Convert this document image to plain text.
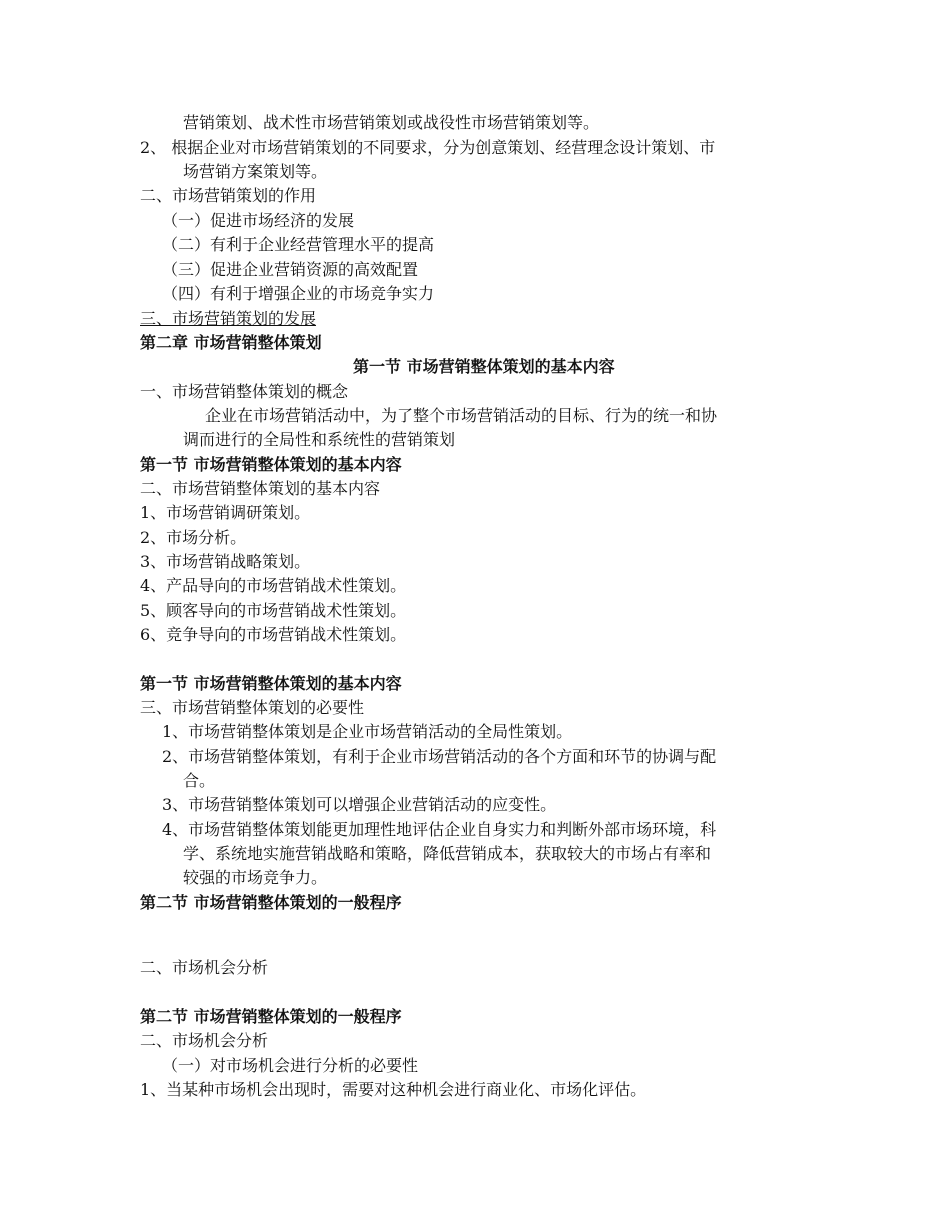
营销策划、战术性市场营销策划或战役性市场营销策划等。
2、 根据企业对市场营销策划的不同要求，分为创意策划、经营理念设计策划、市
场营销方案策划等。
二、市场营销策划的作用
（一）促进市场经济的发展
（二）有利于企业经营管理水平的提高
（三）促进企业营销资源的高效配置
（四）有利于增强企业的市场竞争实力
三、市场营销策划的发展
第二章 市场营销整体策划
第一节 市场营销整体策划的基本内容
一、市场营销整体策划的概念
企业在市场营销活动中，为了整个市场营销活动的目标、行为的统一和协
调而进行的全局性和系统性的营销策划
第一节 市场营销整体策划的基本内容
二、市场营销整体策划的基本内容
1、市场营销调研策划。
2、市场分析。
3、市场营销战略策划。
4、产品导向的市场营销战术性策划。
5、顾客导向的市场营销战术性策划。
6、竞争导向的市场营销战术性策划。
第一节 市场营销整体策划的基本内容
三、市场营销整体策划的必要性
1、市场营销整体策划是企业市场营销活动的全局性策划。
2、市场营销整体策划，有利于企业市场营销活动的各个方面和环节的协调与配
合。
3、市场营销整体策划可以增强企业营销活动的应变性。
4、市场营销整体策划能更加理性地评估企业自身实力和判断外部市场环境，科
学、系统地实施营销战略和策略，降低营销成本，获取较大的市场占有率和
较强的市场竞争力。
第二节 市场营销整体策划的一般程序
二、市场机会分析
第二节 市场营销整体策划的一般程序
二、市场机会分析
（一）对市场机会进行分析的必要性
1、当某种市场机会出现时，需要对这种机会进行商业化、市场化评估。
